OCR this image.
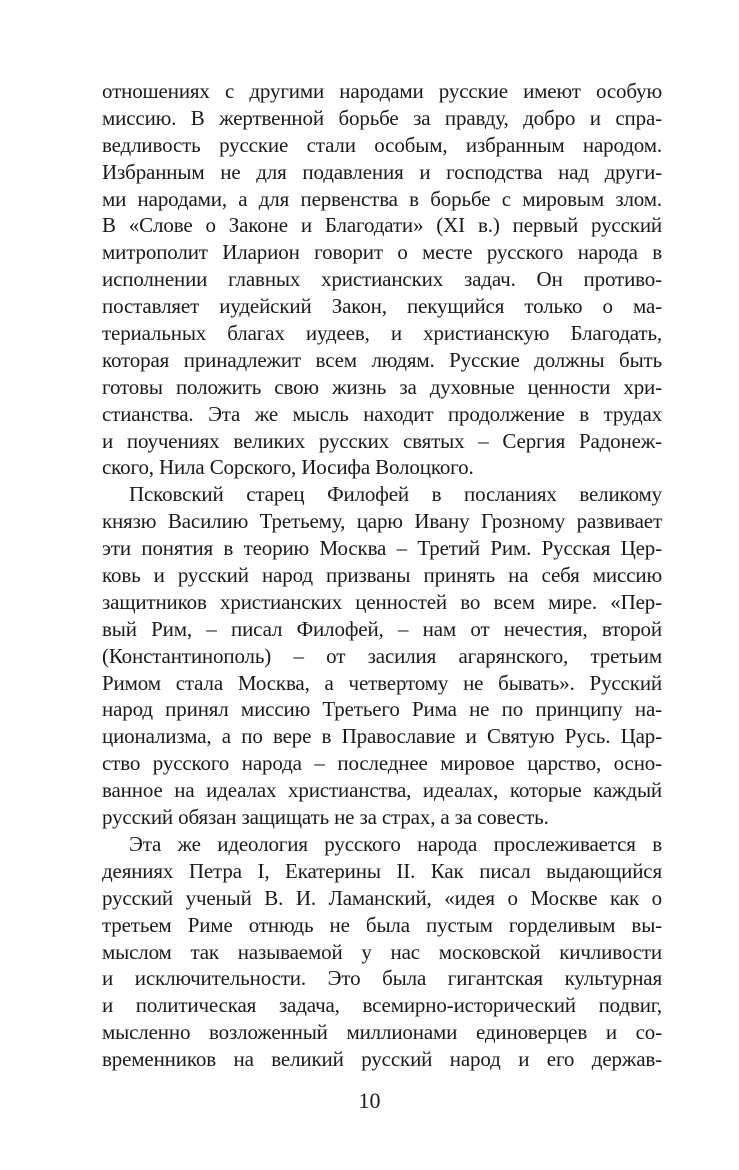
отношениях с другими народами русские имеют особую
миссию. В жертвенной борьбе за правду, добро и спра-
ведливость русские стали особым, избранным народом.
Избранным не для подавления и господства над други-
ми народами, а для первенства в борьбе с мировым злом.
В «Слове о Законе и Благодати» (XI в.) первый русский
митрополит Иларион говорит о месте русского народа в
исполнении главных христианских задач. Он противо-
поставляет иудейский Закон, пекущийся только о ма-
териальных благах иудеев, и христианскую Благодать,
которая принадлежит всем людям. Русские должны быть
готовы положить свою жизнь за духовные ценности хри-
стианства. Эта же мысль находит продолжение в трудах
и поучениях великих русских святых – Сергия Радонеж-
ского, Нила Сорского, Иосифа Волоцкого.
Псковский старец Филофей в посланиях великому
князю Василию Третьему, царю Ивану Грозному развивает
эти понятия в теорию Москва – Третий Рим. Русская Цер-
ковь и русский народ призваны принять на себя миссию
защитников христианских ценностей во всем мире. «Пер-
вый Рим, – писал Филофей, – нам от нечестия, второй
(Константинополь) – от засилия агарянского, третьим
Римом стала Москва, а четвертому не бывать». Русский
народ принял миссию Третьего Рима не по принципу на-
ционализма, а по вере в Православие и Святую Русь. Цар-
ство русского народа – последнее мировое царство, осно-
ванное на идеалах христианства, идеалах, которые каждый
русский обязан защищать не за страх, а за совесть.
Эта же идеология русского народа прослеживается в
деяниях Петра I, Екатерины II. Как писал выдающийся
русский ученый В. И. Ламанский, «идея о Москве как о
третьем Риме отнюдь не была пустым горделивым вы-
мыслом так называемой у нас московской кичливости
и исключительности. Это была гигантская культурная
и политическая задача, всемирно-исторический подвиг,
мысленно возложенный миллионами единоверцев и со-
временников на великий русский народ и его держав-
10
